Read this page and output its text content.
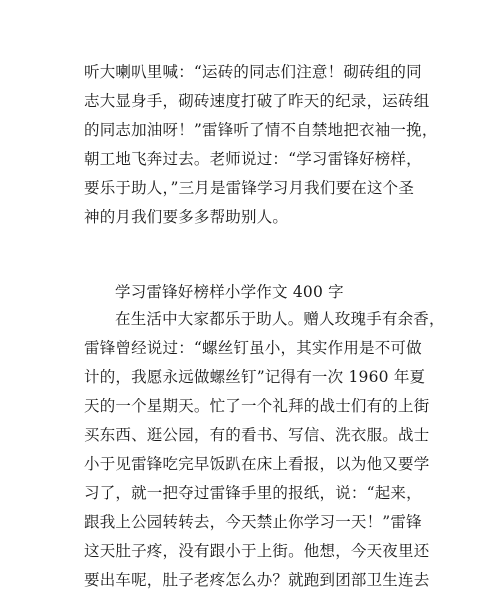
听大喇叭里喊：“运砖的同志们注意！砌砖组的同
志大显身手，砌砖速度打破了昨天的纪录，运砖组
的同志加油呀！”雷锋听了情不自禁地把衣袖一挽，
朝工地飞奔过去。老师说过：“学习雷锋好榜样，
要乐于助人，”三月是雷锋学习月我们要在这个圣
神的月我们要多多帮助别人。
学习雷锋好榜样小学作文 400 字
在生活中大家都乐于助人。赠人玫瑰手有余香，
雷锋曾经说过：“螺丝钉虽小，其实作用是不可做
计的，我愿永远做螺丝钉”记得有一次 1960 年夏
天的一个星期天。忙了一个礼拜的战士们有的上街
买东西、逛公园，有的看书、写信、洗衣服。战士
小于见雷锋吃完早饭趴在床上看报，以为他又要学
习了，就一把夺过雷锋手里的报纸，说：“起来，
跟我上公园转转去，今天禁止你学习一天！”雷锋
这天肚子疼，没有跟小于上街。他想，今天夜里还
要出车呢，肚子老疼怎么办？就跑到团部卫生连去
